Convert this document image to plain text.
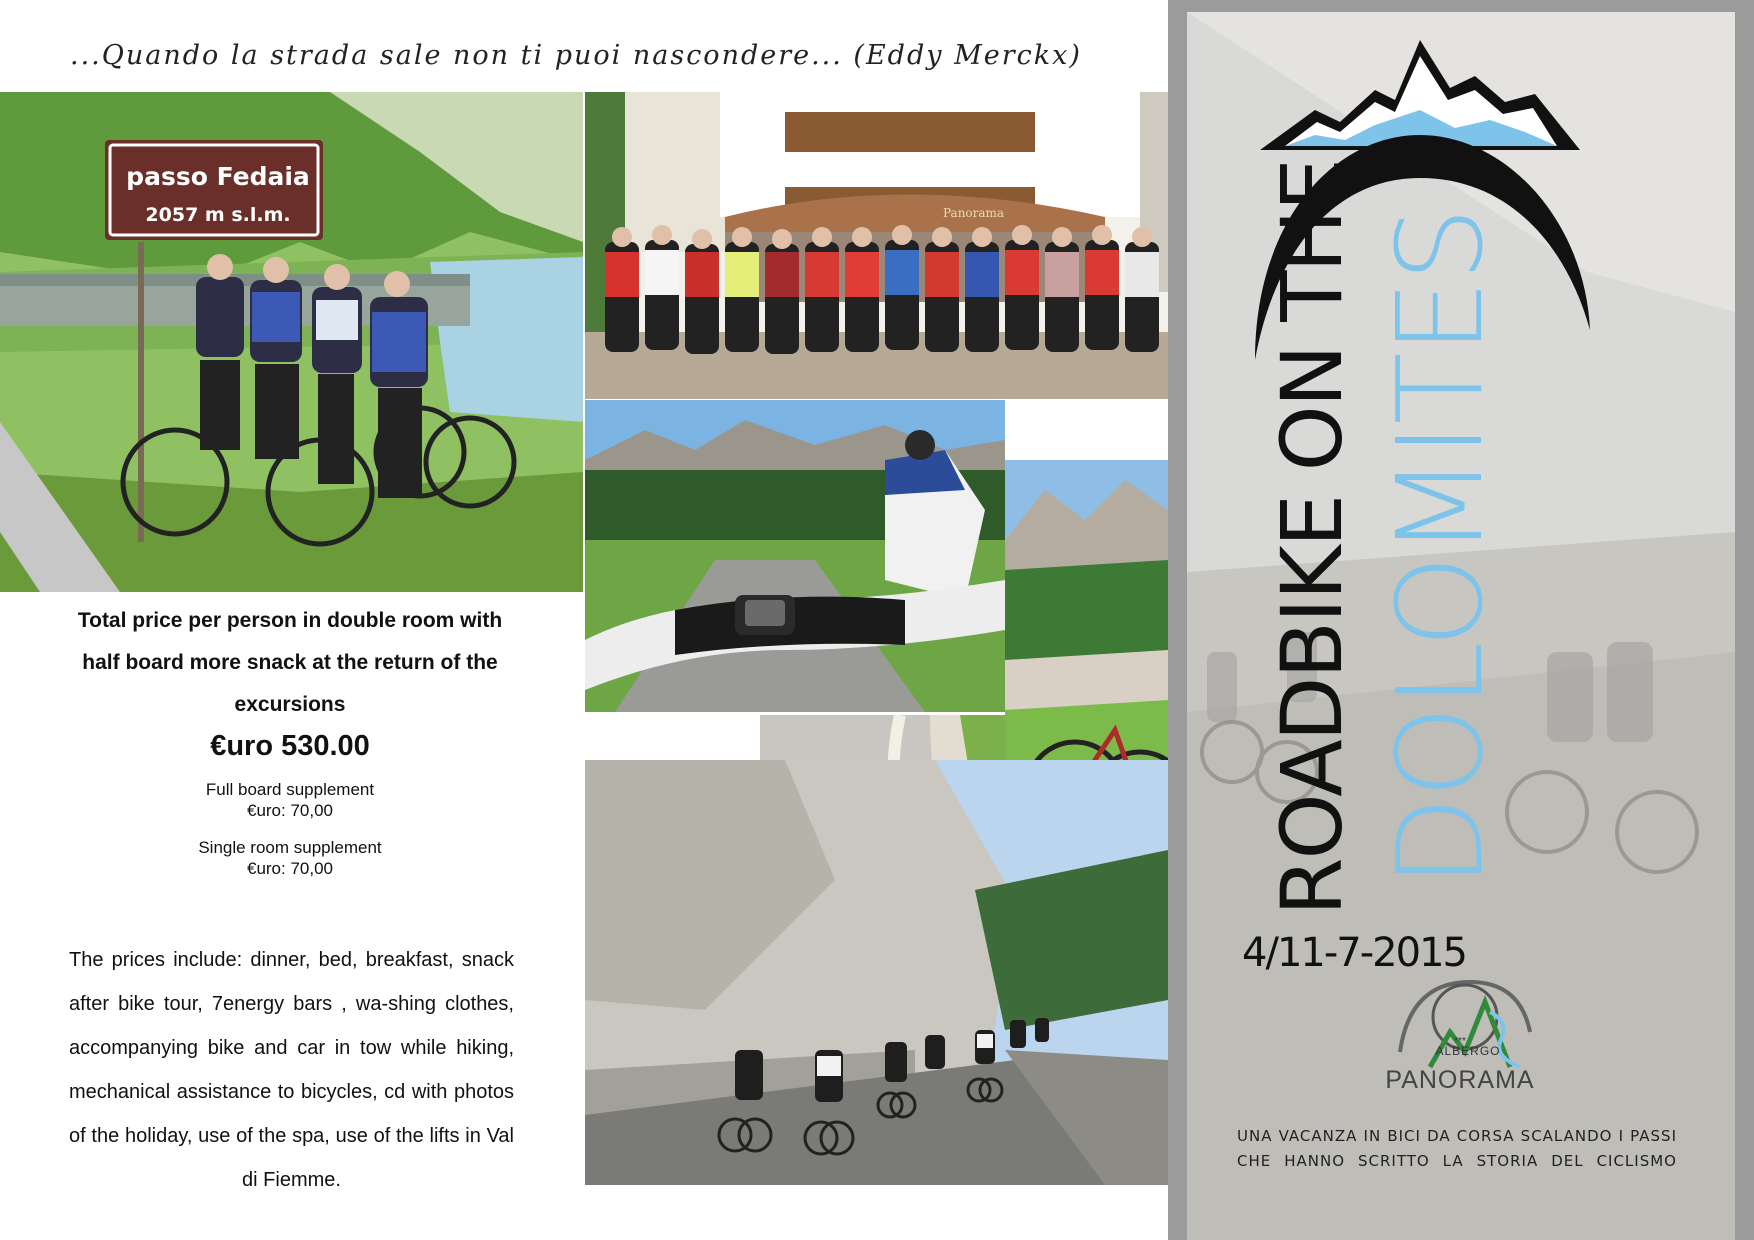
...Quando la strada sale non ti puoi nascondere... (Eddy Merckx)
passo Fedaia
2057 m s.l.m.	Panorama
Total price per person in double room with half board more snack at the return of the excursions
€uro 530.00
Full board supplement
€uro: 70,00
Single room supplement
€uro: 70,00
The prices include: dinner, bed, breakfast, snack after bike tour, 7energy bars , wa-shing clothes, accompanying bike and car in tow while hiking, mechanical assistance to bicycles, cd with photos of the holiday, use of the spa, use of the lifts in Val di Fiemme.
ROADBIKE ON THE DOLOMITES
4/11-7-2015
***
ALBERGO
PANORAMA
UNA VACANZA IN BICI DA CORSA SCALANDO I PASSI
CHE HANNO SCRITTO LA STORIA DEL CICLISMO
